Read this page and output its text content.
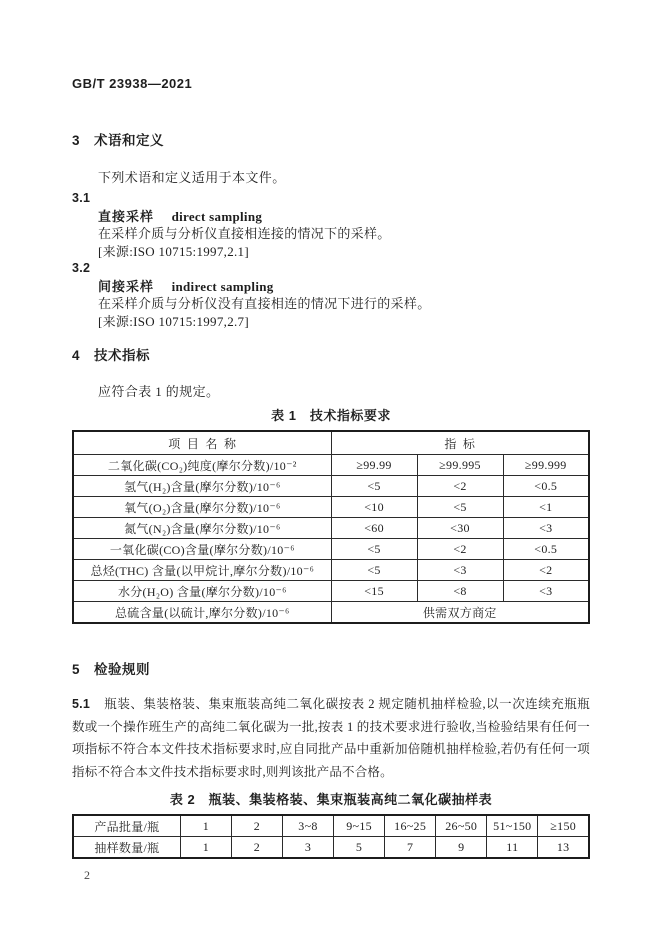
GB/T 23938—2021
3 术语和定义

下列术语和定义适用于本文件。

3.1
直接采样 direct sampling
在采样介质与分析仪直接相连接的情况下的采样。
[来源:ISO 10715:1997,2.1]
3.2
间接采样 indirect sampling
在采样介质与分析仪没有直接相连的情况下进行的采样。
[来源:ISO 10715:1997,2.7]
4 技术指标

应符合表 1 的规定。

表 1 技术指标要求
项 目 名 称	指 标		
二氧化碳(CO₂)纯度(摩尔分数)/10⁻²	≥99.99	≥99.995	≥99.999
氢气(H₂)含量(摩尔分数)/10⁻⁶	<5	<2	<0.5
氧气(O₂)含量(摩尔分数)/10⁻⁶	<10	<5	<1
氮气(N₂)含量(摩尔分数)/10⁻⁶	<60	<30	<3
一氧化碳(CO)含量(摩尔分数)/10⁻⁶	<5	<2	<0.5
总烃(THC) 含量(以甲烷计,摩尔分数)/10⁻⁶	<5	<3	<2
水分(H₂O) 含量(摩尔分数)/10⁻⁶	<15	<8	<3
总硫含量(以硫计,摩尔分数)/10⁻⁶	供需双方商定		
5 检验规则

5.1 瓶装、集装格装、集束瓶装高纯二氧化碳按表 2 规定随机抽样检验,以一次连续充瓶瓶数或一个操作班生产的高纯二氧化碳为一批,按表 1 的技术要求进行验收,当检验结果有任何一项指标不符合本文件技术指标要求时,应自同批产品中重新加倍随机抽样检验,若仍有任何一项指标不符合本文件技术指标要求时,则判该批产品不合格。

表 2 瓶装、集装格装、集束瓶装高纯二氧化碳抽样表
产品批量/瓶	1	2	3~8	9~15	16~25	26~50	51~150	≥150
抽样数量/瓶	1	2	3	5	7	9	11	13
2
